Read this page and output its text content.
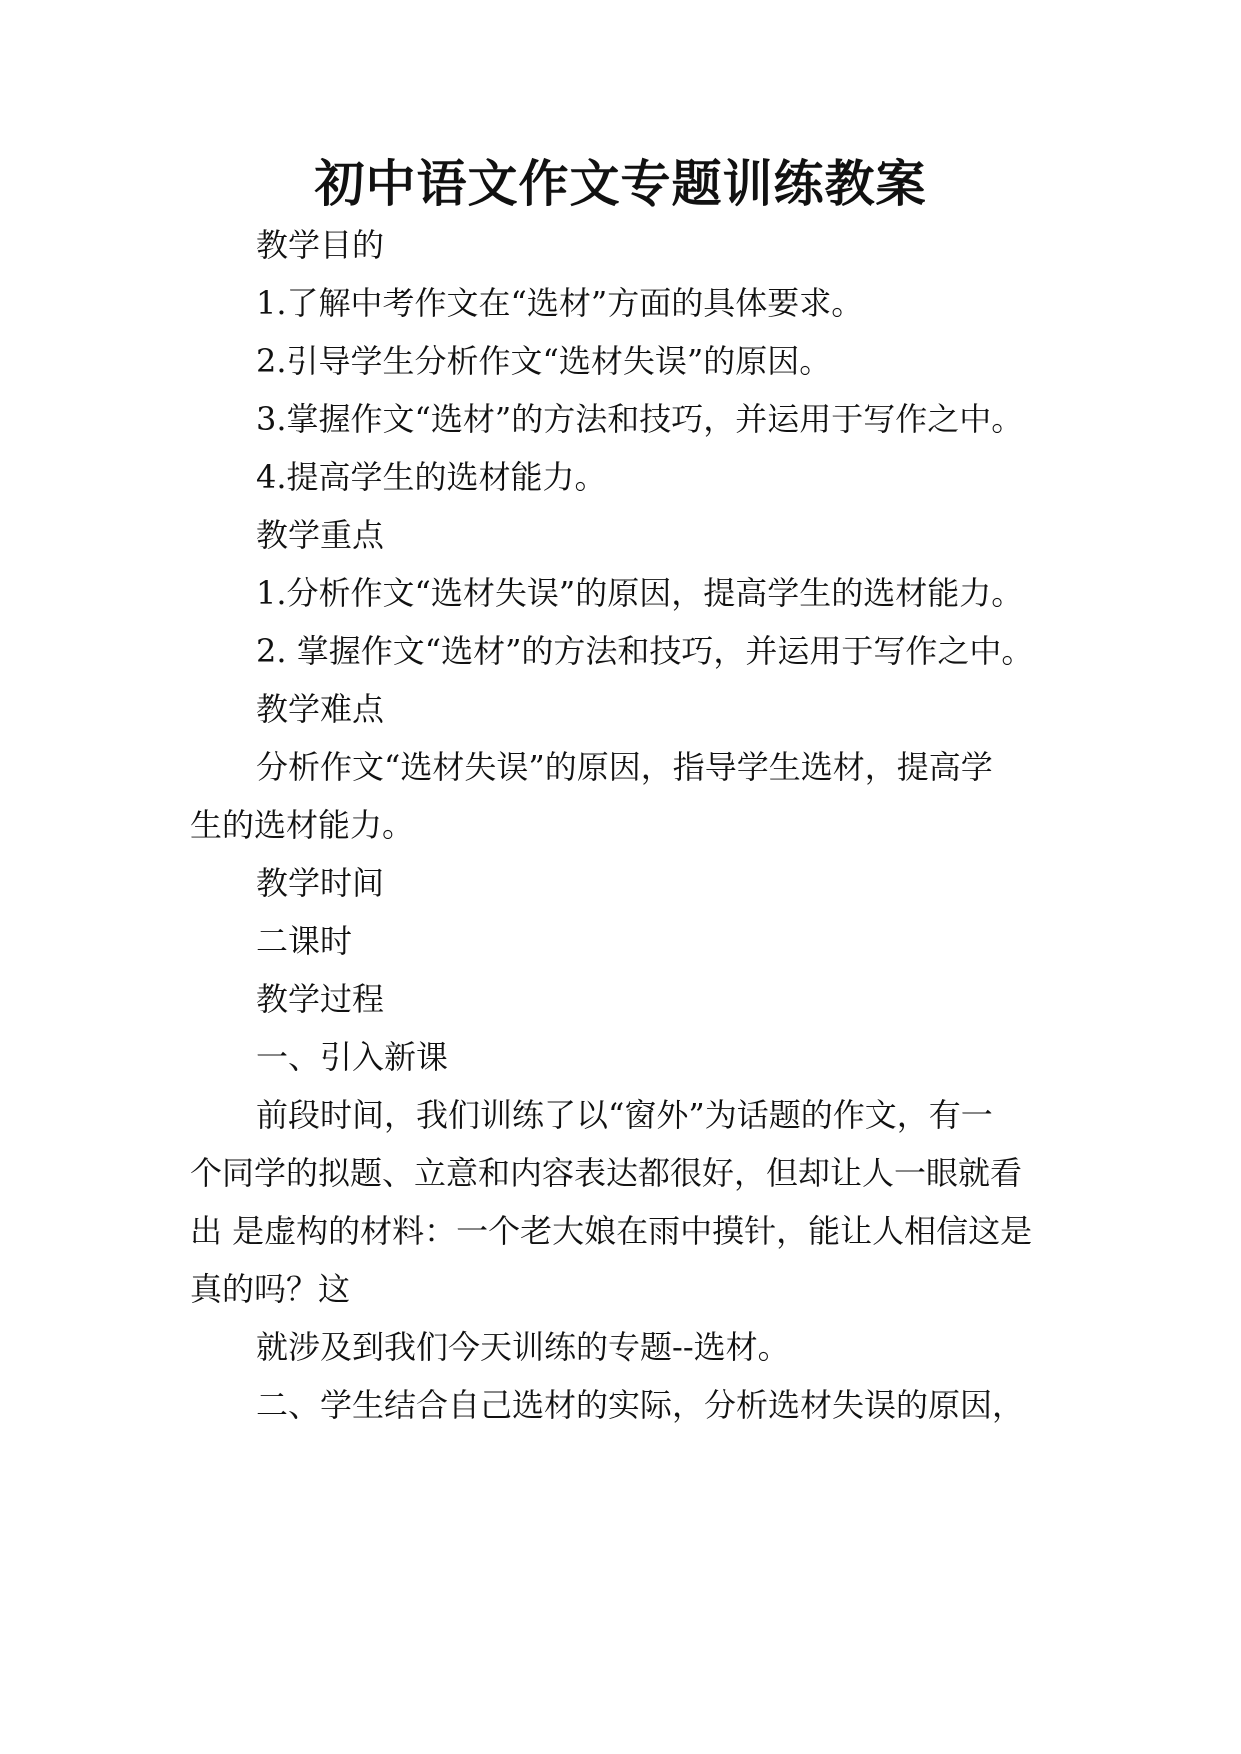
初中语文作文专题训练教案
教学目的
1.了解中考作文在“选材”方面的具体要求。
2.引导学生分析作文“选材失误”的原因。
3.掌握作文“选材”的方法和技巧，并运用于写作之中。
4.提高学生的选材能力。
教学重点
1.分析作文“选材失误”的原因，提高学生的选材能力。
2. 掌握作文“选材”的方法和技巧，并运用于写作之中。
教学难点
分析作文“选材失误”的原因，指导学生选材，提高学
生的选材能力。
教学时间
二课时
教学过程
一、引入新课
前段时间，我们训练了以“窗外”为话题的作文，有一
个同学的拟题、立意和内容表达都很好，但却让人一眼就看
出 是虚构的材料：一个老大娘在雨中摸针，能让人相信这是
真的吗？这
就涉及到我们今天训练的专题--选材。
二、学生结合自己选材的实际，分析选材失误的原因，
